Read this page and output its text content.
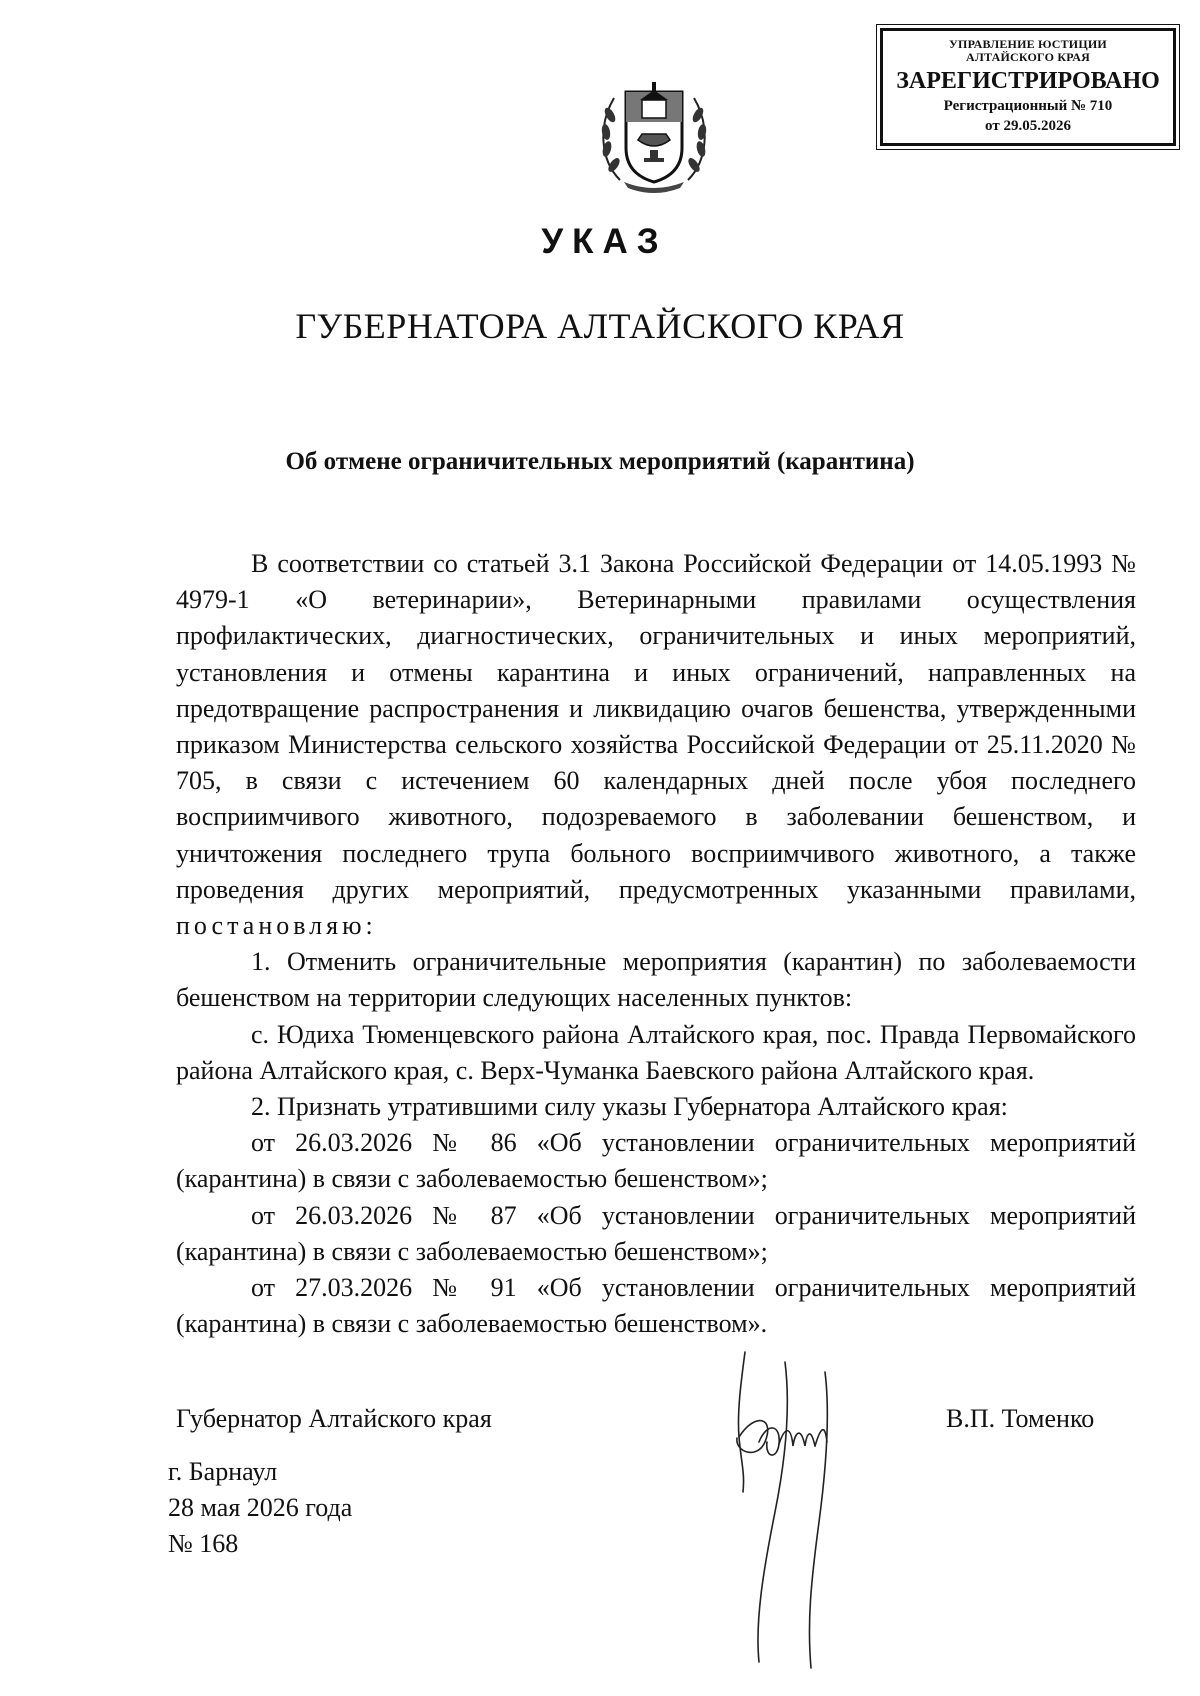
УПРАВЛЕНИЕ ЮСТИЦИИ
АЛТАЙСКОГО КРАЯ
ЗАРЕГИСТРИРОВАНО
Регистрационный № 710
от 29.05.2026
УКАЗ
ГУБЕРНАТОРА АЛТАЙСКОГО КРАЯ
Об отмене ограничительных мероприятий (карантина)

В соответствии со статьей 3.1 Закона Российской Федерации от 14.05.1993 № 4979-1 «О ветеринарии», Ветеринарными правилами осуществления профилактических, диагностических, ограничительных и иных мероприятий, установления и отмены карантина и иных ограничений, направленных на предотвращение распространения и ликвидацию очагов бешенства, утвержденными приказом Министерства сельского хозяйства Российской Федерации от 25.11.2020 № 705, в связи с истечением 60 календарных дней после убоя последнего восприимчивого животного, подозреваемого в заболевании бешенством, и уничтожения последнего трупа больного восприимчивого животного, а также проведения других мероприятий, предусмотренных указанными правилами, постановляю:

1. Отменить ограничительные мероприятия (карантин) по заболеваемости бешенством на территории следующих населенных пунктов:

с. Юдиха Тюменцевского района Алтайского края, пос. Правда Первомайского района Алтайского края, с. Верх-Чуманка Баевского района Алтайского края.

2. Признать утратившими силу указы Губернатора Алтайского края:

от 26.03.2026 № 86 «Об установлении ограничительных мероприятий (карантина) в связи с заболеваемостью бешенством»;

от 26.03.2026 № 87 «Об установлении ограничительных мероприятий (карантина) в связи с заболеваемостью бешенством»;

от 27.03.2026 № 91 «Об установлении ограничительных мероприятий (карантина) в связи с заболеваемостью бешенством».

Губернатор Алтайского края	В.П. Томенко
г. Барнаул
28 мая 2026 года
№ 168
